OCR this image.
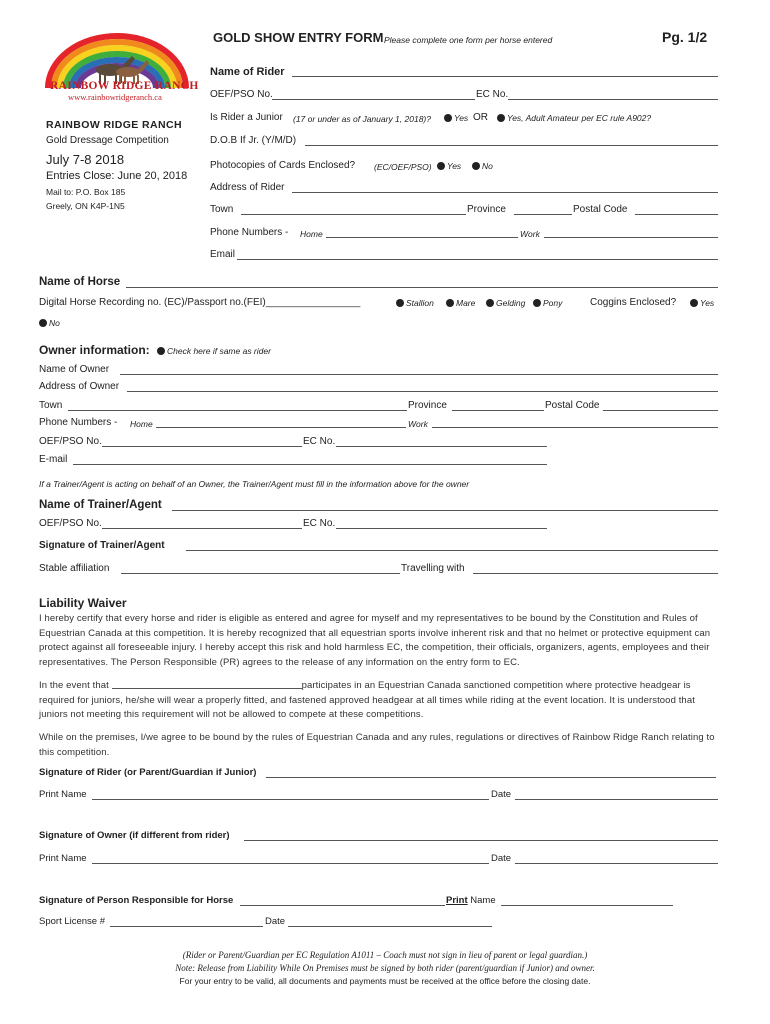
GOLD SHOW ENTRY FORM Please complete one form per horse entered	Pg. 1/2
RAINBOW RIDGE RANCH
www.rainbowridgeranch.ca
RAINBOW RIDGE RANCH
Gold Dressage Competition
July 7-8 2018
Entries Close: June 20, 2018
Mail to: P.O. Box 185
Greely, ON K4P-1N5
Name of Rider
OEF/PSO No.	EC No.
Is Rider a Junior (17 or under as of January 1, 2018)?	Yes OR	Yes, Adult Amateur per EC rule A902?
D.O.B If Jr. (Y/M/D)
Photocopies of Cards Enclosed? (EC/OEF/PSO)	Yes	No
Address of Rider
Town	Province	Postal Code
Phone Numbers - Home	Work
Email
Name of Horse
Digital Horse Recording no. (EC)/Passport no.(FEI)_________________	Stallion	Mare	Gelding	Pony	Coggins Enclosed?	Yes
No
Owner information:	Check here if same as rider
Name of Owner
Address of Owner
Town	Province	Postal Code
Phone Numbers - Home	Work
OEF/PSO No.	EC No.
E-mail
If a Trainer/Agent is acting on behalf of an Owner, the Trainer/Agent must fill in the information above for the owner
Name of Trainer/Agent
OEF/PSO No.	EC No.
Signature of Trainer/Agent
Stable affiliation	Travelling with
Liability Waiver
I hereby certify that every horse and rider is eligible as entered and agree for myself and my representatives to be bound by the Constitution and Rules of Equestrian Canada at this competition. It is hereby recognized that all equestrian sports involve inherent risk and that no helmet or protective equipment can protect against all foreseeable injury. I hereby accept this risk and hold harmless EC, the competition, their officials, organizers, agents, employees and their representatives. The Person Responsible (PR) agrees to the release of any information on the entry form to EC.
In the event that	participates in an Equestrian Canada sanctioned competition where protective headgear is required for juniors, he/she will wear a properly fitted, and fastened approved headgear at all times while riding at the event location. It is understood that juniors not meeting this requirement will not be allowed to compete at these competitions.
While on the premises, I/we agree to be bound by the rules of Equestrian Canada and any rules, regulations or directives of Rainbow Ridge Ranch relating to this competition.
Signature of Rider (or Parent/Guardian if Junior)
Print Name	Date
Signature of Owner (if different from rider)
Print Name	Date
Signature of Person Responsible for Horse	Print Name
Sport License #	Date
(Rider or Parent/Guardian per EC Regulation A1011 – Coach must not sign in lieu of parent or legal guardian.)
Note: Release from Liability While On Premises must be signed by both rider (parent/guardian if Junior) and owner.
For your entry to be valid, all documents and payments must be received at the office before the closing date.
